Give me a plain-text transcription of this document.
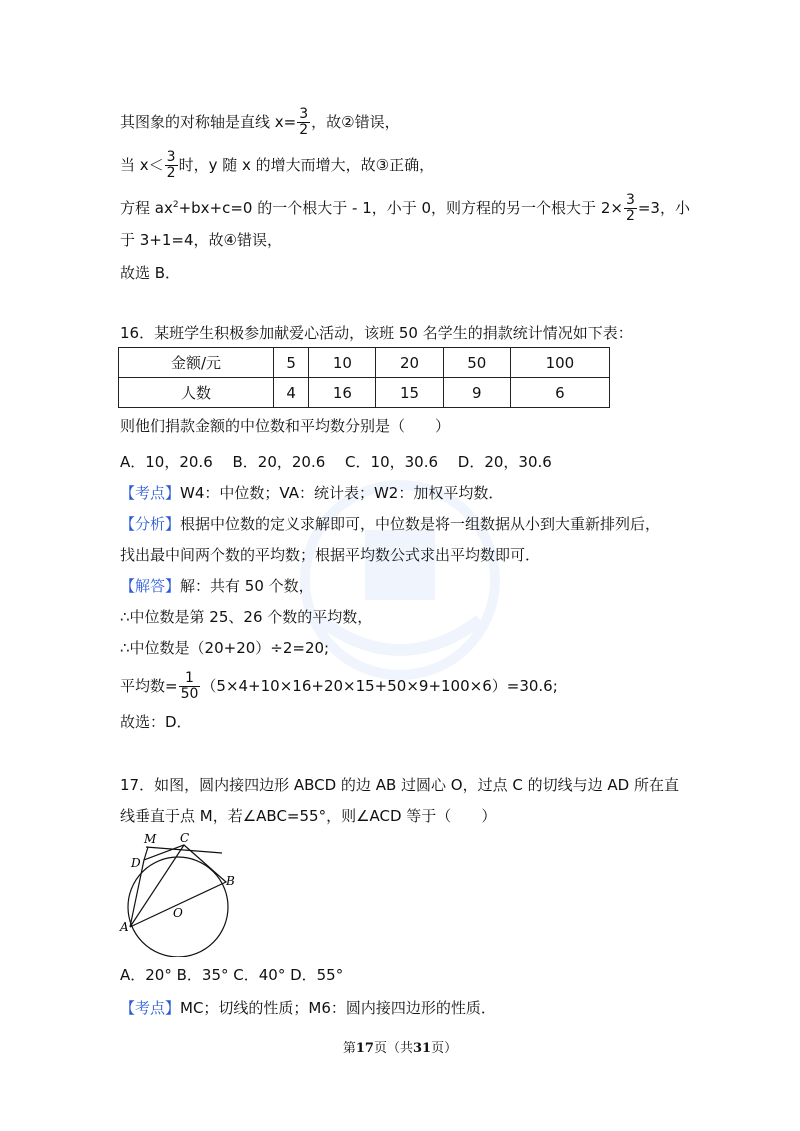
其图象的对称轴是直线 $x= \frac{3}{2}$ ，故②错误，
当 $x< \frac{3}{2}$ 时，y 随 x 的增大而增大，故③正确，
方程 $ax^2+bx+c=0$ 的一个根大于 - 1，小于 0，则方程的另一个根大于 $2\times \frac{3}{2} =3$，小
于 3+1=4，故④错误，
故选 B．
16．某班学生积极参加献爱心活动，该班 50 名学生的捐款统计情况如下表：
金额/元	5	10	20	50	100
人数	4	16	15	9	6
则他们捐款金额的中位数和平均数分别是（　　）
A．10，20.6　 B．20，20.6　 C．10，30.6　 D．20，30.6
【考点】W4：中位数；VA：统计表；W2：加权平均数．
【分析】根据中位数的定义求解即可，中位数是将一组数据从小到大重新排列后，
找出最中间两个数的平均数；根据平均数公式求出平均数即可．
【解答】解：共有 50 个数，
∴中位数是第 25、26 个数的平均数，
∴中位数是（20+20）÷2=20;
平均数= $\frac{1}{50} (5\times 4+10\times 16+20\times 15+50\times 9+100\times 6)=30.6$;
故选：D．
17．如图，圆内接四边形 ABCD 的边 AB 过圆心 O，过点 C 的切线与边 AD 所在直
线垂直于点 M，若∠ABC=55°，则∠ACD 等于（　　）
M
D
C
B
A
O
A．20° B．35° C．40° D．55°
【考点】MC；切线的性质；M6：圆内接四边形的性质．
第17页（共31页）
